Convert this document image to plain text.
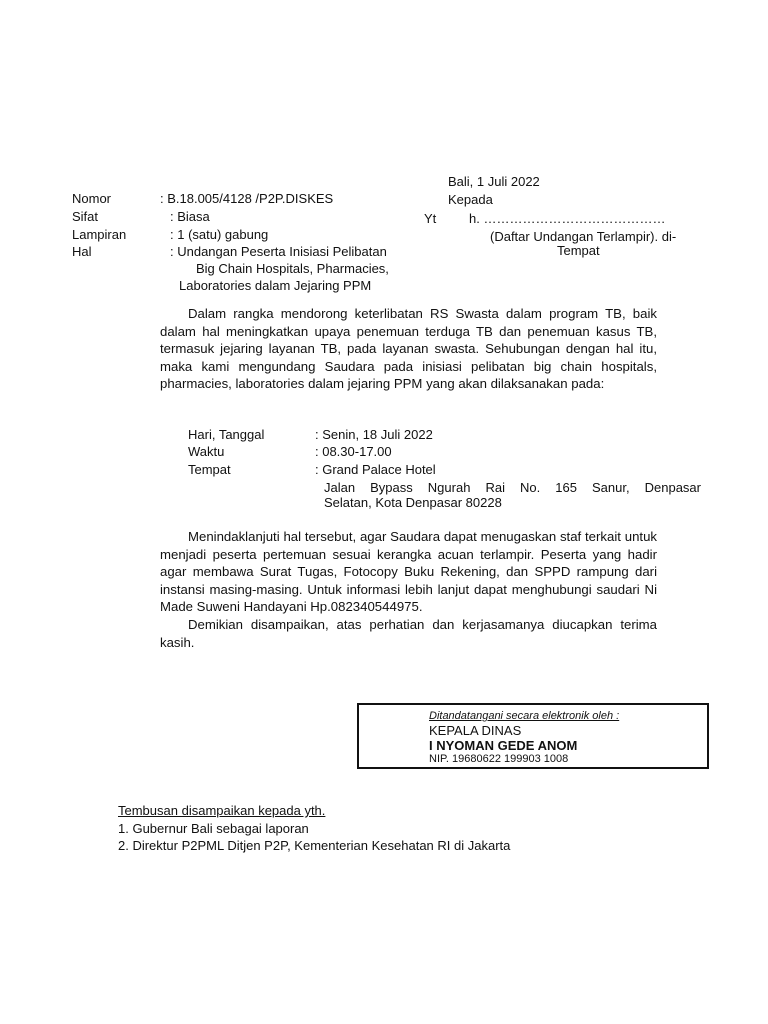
Bali, 1 Juli 2022
Kepada
Yt	h. ……………………………………
(Daftar Undangan Terlampir). di-
Tempat
Nomor	: B.18.005/4128 /P2P.DISKES
Sifat	: Biasa
Lampiran	: 1 (satu) gabung
Hal	: Undangan Peserta Inisiasi Pelibatan
Big Chain Hospitals, Pharmacies,
Laboratories dalam Jejaring PPM

Dalam rangka mendorong keterlibatan RS Swasta dalam program TB, baik dalam hal meningkatkan upaya penemuan terduga TB dan penemuan kasus TB, termasuk jejaring layanan TB, pada layanan swasta. Sehubungan dengan hal itu, maka kami mengundang Saudara pada inisiasi pelibatan big chain hospitals, pharmacies, laboratories dalam jejaring PPM yang akan dilaksanakan pada:

Hari, Tanggal	: Senin, 18 Juli 2022
Waktu	: 08.30-17.00
Tempat	: Grand Palace Hotel
Jalan Bypass Ngurah Rai No. 165 Sanur, Denpasar
Selatan, Kota Denpasar 80228

Menindaklanjuti hal tersebut, agar Saudara dapat menugaskan staf terkait untuk menjadi peserta pertemuan sesuai kerangka acuan terlampir. Peserta yang hadir agar membawa Surat Tugas, Fotocopy Buku Rekening, dan SPPD rampung dari instansi masing-masing. Untuk informasi lebih lanjut dapat menghubungi saudari Ni Made Suweni Handayani Hp.082340544975.

Demikian disampaikan, atas perhatian dan kerjasamanya diucapkan terima kasih.

Ditandatangani secara elektronik oleh :
KEPALA DINAS
I NYOMAN GEDE ANOM
NIP. 19680622 199903 1008
Tembusan disampaikan kepada yth.
1. Gubernur Bali sebagai laporan
2. Direktur P2PML Ditjen P2P, Kementerian Kesehatan RI di Jakarta
